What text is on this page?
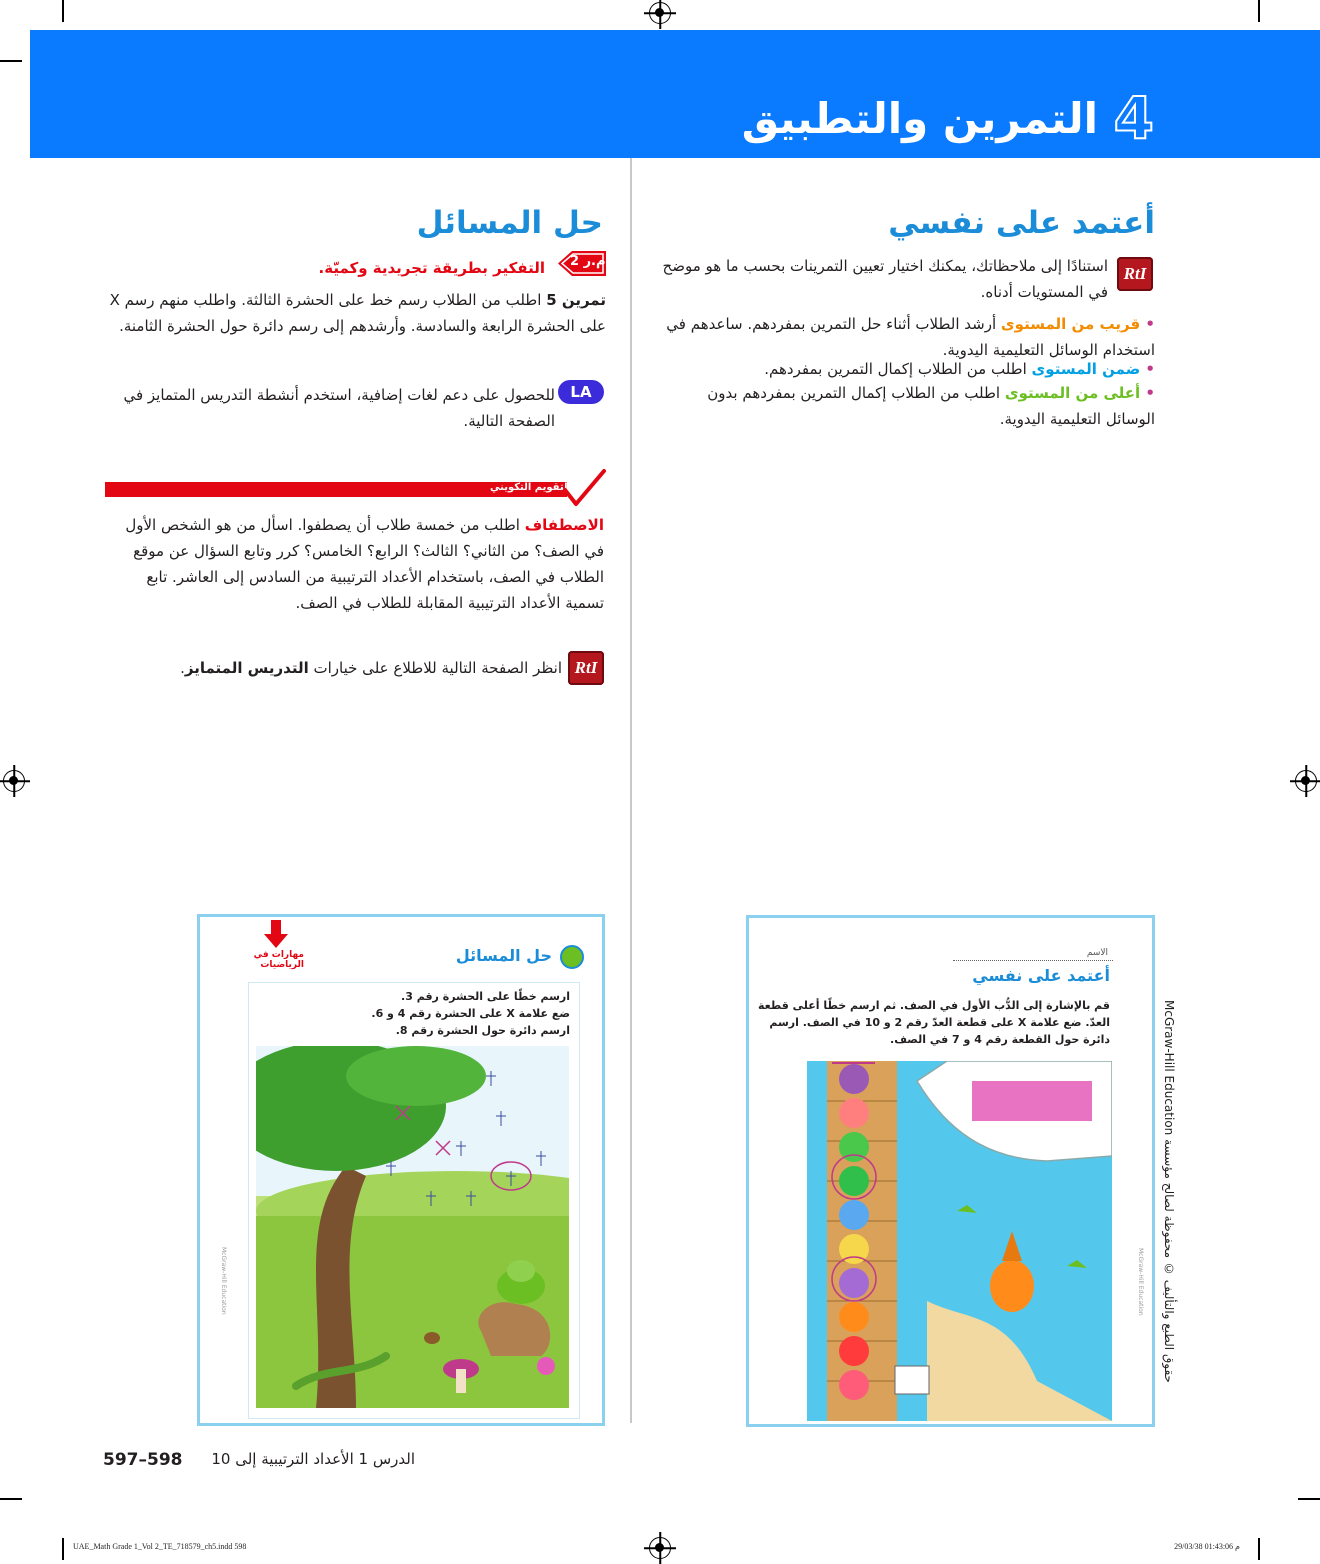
التمرين والتطبيق 4
أعتمد على نفسي
RtI
استنادًا إلى ملاحظاتك، يمكنك اختيار تعيين التمرينات بحسب ما هو موضح في المستويات أدناه.
• قريب من المستوى أرشد الطلاب أثناء حل التمرين بمفردهم. ساعدهم في استخدام الوسائل التعليمية اليدوية.
• ضمن المستوى اطلب من الطلاب إكمال التمرين بمفردهم.
• أعلى من المستوى اطلب من الطلاب إكمال التمرين بمفردهم بدون الوسائل التعليمية اليدوية.
حل المسائل
م.ر 2
التفكير بطريقة تجريدية وكميّة.
تمرين 5 اطلب من الطلاب رسم خط على الحشرة الثالثة. واطلب منهم رسم X على الحشرة الرابعة والسادسة. وأرشدهم إلى رسم دائرة حول الحشرة الثامنة.
LA
للحصول على دعم لغات إضافية، استخدم أنشطة التدريس المتمايز في الصفحة التالية.
التقويم التكويني
الاصطفاف اطلب من خمسة طلاب أن يصطفوا. اسأل من هو الشخص الأول في الصف؟ من الثاني؟ الثالث؟ الرابع؟ الخامس؟ كرر وتابع السؤال عن موقع الطلاب في الصف، باستخدام الأعداد الترتيبية من السادس إلى العاشر. تابع تسمية الأعداد الترتيبية المقابلة للطلاب في الصف.
RtI
انظر الصفحة التالية للاطلاع على خيارات التدريس المتمايز.
مهارات في الرياضيات	حل المسائل
ارسم خطًا على الحشرة رقم 3.
ضع علامة X على الحشرة رقم 4 و 6.
ارسم دائرة حول الحشرة رقم 8.
McGraw-Hill Education
الاسم
أعتمد على نفسي
قم بالإشارة إلى الدُّب الأول في الصف. ثم ارسم خطًا أعلى قطعة
العدّ. ضع علامة X على قطعة العدّ رقم 2 و 10 في الصف. ارسم
دائرة حول القطعة رقم 4 و 7 في الصف.
McGraw-Hill Education
McGraw-Hill Education حقوق الطبع والتأليف © محفوظة لصالح مؤسسة
597–598 الدرس 1 الأعداد الترتيبية إلى 10
UAE_Math Grade 1_Vol 2_TE_718579_ch5.indd 598	29/03/38 01:43:06 م
